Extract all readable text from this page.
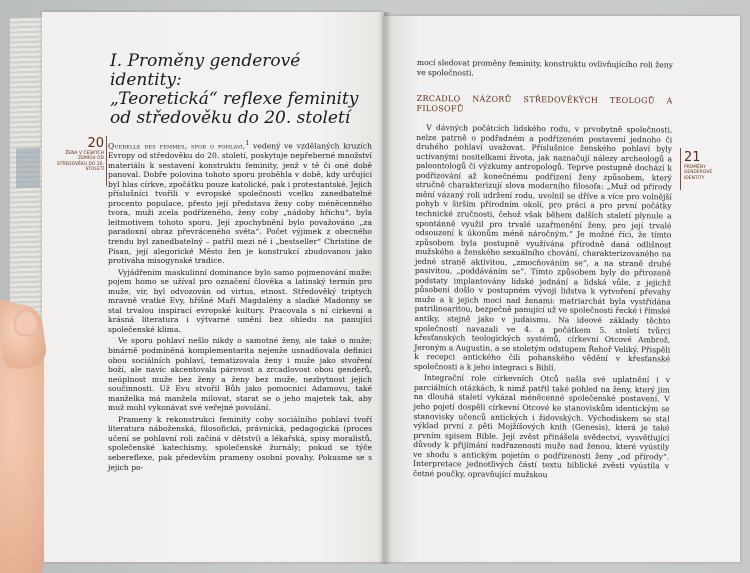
I. Proměny genderové identity:
„Teoretická“ reflexe feminity
od středověku do 20. století
20
ŽENA V ČESKÝCH ZEMÍCH OD STŘEDOVĚKU DO 20. STOLETÍ

Querelle des femmes, spor o pohlaví,$^1$ vedený ve vzdělaných kruzích Evropy od středověku do 20. století, poskytuje nepřeberné množství materiálu k sestavení konstruktu feminity, jenž v tě či oné době panoval. Dobře polovina tohoto sporu proběhla v době, kdy určující byl hlas církve, zpočátku pouze katolické, pak i protestantské. Jejich příslušníci tvořili v evropské společnosti vcelku zanedbatelné procento populace, přesto její představa ženy coby méněcenného tvora, muži zcela podřízeného, ženy coby „nádoby hříchu“, byla leitmotivem tohoto sporu. Její zpochybnění bylo považováno „za paradoxní obraz převráceného světa“. Počet výjimek z obecného trendu byl zanedbatelný – patřil mezi ně i „bestseller“ Christine de Pisan, její alegorické Město žen je konstrukcí zbudovanou jako protiváha misogynské tradice.

Vyjádřením maskulinní dominance bylo samo pojmenování muže: pojem homo se užíval pro označení člověka a latinský termín pro muže, vir, byl odvozován od virtus, etnost. Středověký triptych mravně vratké Evy, hříšné Maří Magdalény a sladké Madonny se stal trvalou inspirací evropské kultury. Pracovala s ní církevní a krásná literatura i výtvarné umění bez ohledu na panující společenské klima.

Ve sporu pohlaví nešlo nikdy o samotné ženy, ale také o muže; binárně podmíněná komplementarita nejenže usnadňovala definici obou sociálních pohlaví, tematizovala ženy i muže jako stvoření boží, ale navíc akcentovala párovost a zrcadlovost obou genderů, neúplnost muže bez ženy a ženy bez muže, nezbytnost jejich součinnosti. Už Evu stvořil Bůh jako pomocnici Adamovu, také manželka má manžela milovat, starat se o jeho majetek tak, aby muž mohl vykonávat své veřejné povolání.

Prameny k rekonstrukci feminity coby sociálního pohlaví tvoří literatura náboženská, filosofická, právnická, pedagogická (proces učení se pohlavní roli začíná v dětství) a lékařská, spisy moralistů, společenské katechismy, společenské žurnály; pokud se týče sebereflexe, pak především prameny osobní povahy. Pokusme se s jejich po-

mocí sledovat proměny feminity, konstruktu ovlivňujícího roli ženy ve společnosti.

ZRCADLO NÁZORŮ STŘEDOVĚKÝCH TEOLOGŮ A FILOSOFŮ

V dávných počátcích lidského rodu, v prvobytně společnosti, nelze patrně o podřadném a podřízeném postavení jednoho či druhého pohlaví uvažovat. Příslušnice ženského pohlaví byly uctívanými nositelkami života, jak naznačují nálezy archeologů a paleontologů či výzkumy antropologů. Teprve postupně dochází k podřizování až konečnému podřízení ženy způsobem, který stručně charakterizují slova moderního filosofa: „Muž od přírody mění vázaný roli udržení rodu, uvolnil se dříve a více pro volnější pohyb v širším přírodním okolí, pro práci a pro první počátky technické zručnosti, čehož však během dalších staletí plynule a spontánně využil pro trvalé uzařmenění ženy, pro její trvalé odsouzení k úkonům méně náročným.“ Je možné říci, že tímto způsobem byla postupně využívána přírodně daná odlišnost mužského a ženského sexuálního chování, charakterizovaného na jedné straně aktivitou, „zmocňováním se“, a na straně druhé pasivitou, „poddáváním se“. Tímto způsobem byly do přirozeně podstaty implantovány lidské jednání a lidská vůle, z jejichž působení došlo v postupném vývoji lidstva k vytvoření převahy muže a k jejich moci nad ženami: matriarchát byla vystřídána patrilinearitou, bezpečně panující už ve společnosti řecké i římské antiky, stejně jako v judaismu. Na ideové základy těchto společností navazali ve 4. a počátkem 5. století tvůrci křesťanských teologických systémů, církevní Otcové Ambrož, Jeroným a Augustin, a se stoletým odstupem Řehoř Veliký. Přispěli k recepci antického čili pohanského vědění v křesťanské společnosti a k jeho integraci s Biblí.

Integrační role církevních Otců našla své uplatnění i v parciálních otázkách, k nimž patřil také pohled na ženy, který jim na dlouhá staletí vykázal méněcenné společenské postavení. V jeho pojetí dospěli církevní Otcové ke stanoviskům identickým se stanovisky učenců antických i židovských. Východiskem se stal výklad první z pěti Mojžíšových knih (Genesis), která je také prvním spisem Bible. Její zvěst přinášela svědectví, vysvětlující důvody k přijímání nadřazenosti muže nad ženou, které vyústily ve shodu s antickým pojetím o podřízenosti ženy „od přírody“. Interpretace jednotlivých částí textu biblické zvěsti vyústila v četné poučky, opravňující mužskou

21
PROMĚNY GENDEROVÉ IDENTITY
